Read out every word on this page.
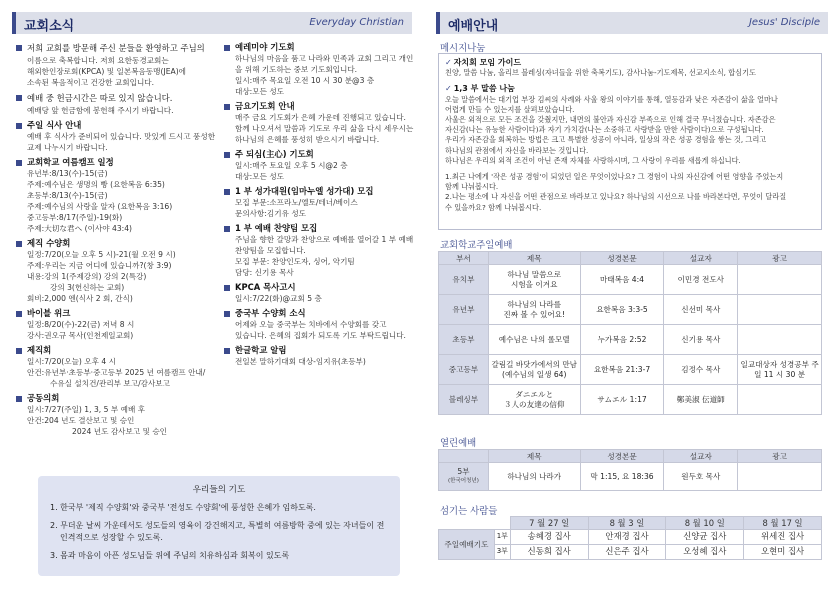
교회소식	Everyday Christian	예배안내	Jesus' Disciple
저희 교회를 방문해 주신 분들을 환영하고 주님의
이름으로 축복합니다. 저희 요한동경교회는
해외한인장로회(KPCA) 및 일본복음동맹(JEA)에
소속된 복음적이고 건강한 교회입니다.
예배 중 헌금시간은 따로 있지 않습니다.
예배당 앞 헌금함에 봉헌해 주시기 바랍니다.
주일 식사 안내
예배 후 식사가 준비되어 있습니다. 맛있게 드시고 풍성한
교제 나누시기 바랍니다.
교회학교 여름캠프 일정
유년부:8/13(수)-15(금)
주제:예수님은 생명의 빵 (요한복음 6:35)
초등부:8/13(수)-15(금)
주제:예수님의 사랑을 알자 (요한복음 3:16)
중고등부:8/17(주일)-19(화)
주제:大切な君へ (이사야 43:4)
제직 수양회
일정:7/20(오늘 오후 5 시)-21(월 오전 9 시)
주제:우리는 지금 어디에 있습니까?(창 3:9)
내용:강의 1(주제강의) 강의 2(특강)
강의 3(헌신하는 교회)
회비:2,000 엔(식사 2 회, 간식)
바이블 위크
일정:8/20(수)-22(금) 저녁 8 시
강사:권오규 목사(인천제일교회)
제직회
일시:7/20(오늘) 오후 4 시
안건:유년부·초등부·중고등부 2025 년 여름캠프 안내/
수유실 설치건/관리부 보고/감사보고
공동의회
일시:7/27(주일) 1, 3, 5 부 예배 후
안건:204 년도 결산보고 및 승인
2024 년도 감사보고 및 승인
예레미야 기도회
하나님의 마음을 품고 나라와 민족과 교회 그리고 개인
을 위해 기도하는 중보 기도회입니다.
일시:매주 목요일 오전 10 시 30 분@3 층
대상:모든 성도
금요기도회 안내
매주 금요 기도회가 은혜 가운데 진행되고 있습니다.
함께 나오셔서 말씀과 기도로 우리 삶을 다시 세우시는
하나님의 은혜를 풍성히 받으시기 바랍니다.
주 되심(主心) 기도회
일시:매주 토요일 오후 5 시@2 층
대상:모든 성도
1 부 성가대원(임마누엘 성가대) 모집
모집 부문:소프라노/엘토/테너/베이스
문의사항:김기유 성도
1 부 예배 찬양팀 모집
주님을 향한 갈망과 찬양으로 예배를 열어갈 1 부 예배
찬양팀을 모집합니다.
모집 부문: 찬양인도자, 싱어, 악기팀
담당: 신기용 목사
KPCA 목사고시
일시:7/22(화)@교회 5 층
중국부 수양회 소식
어제와 오늘 중국부는 치바에서 수양회를 갖고
있습니다. 은혜의 집회가 되도록 기도 부탁드립니다.
한글학교 알림
전일본 말하기대회 대상-임지유(초등부)
우리들의 기도
1. 한국부 '제직 수양회'와 중국부 '전성도 수양회'에 풍성한 은혜가 임하도록.
2. 무더운 날씨 가운데서도 성도들의 영육이 강건해지고, 특별히 여름방학 중에 있는 자녀들이 전인격적으로 성장할 수 있도록.
3. 몸과 마음이 아픈 성도님들 위에 주님의 치유하심과 회복이 있도록
메시지나눔
✓ 자치회 모임 가이드

친양, 말씀 나눔, 올리브 블레싱(자녀들을 위한 축복기도), 감사나눔-기도제목, 선교지소식, 합심기도

✓ 1,3 부 말씀 나눔

오늘 말씀에서는 대기업 부장 김씨의 사례와 사울 왕의 이야기를 통해, 열등감과 낮은 자존감이 삶을 얼마나

어렵게 만들 수 있는지를 살펴보았습니다.

사울은 외적으로 모든 조건을 갖췄지만, 내면의 불안과 자신감 부족으로 인해 결국 무너졌습니다. 자존감은

자신감(나는 유능한 사람이다)과 자기 가치감(나는 소중하고 사랑받을 만한 사람이다)으로 구성됩니다.

우리가 자존감을 회복하는 방법은 크고 특별한 성공이 아니라, 일상의 작은 성공 경험을 쌓는 것, 그리고

하나님의 관점에서 자신을 바라보는 것입니다.

하나님은 우리의 외적 조건이 아닌 존재 자체를 사랑하시며, 그 사랑이 우리를 새롭게 하십니다.

1.최근 나에게 '작은 성공 경험'이 되었던 일은 무엇이었나요? 그 경험이 나의 자신감에 어떤 영향을 주었는지

함께 나눠봅시다.

2.나는 평소에 나 자신을 어떤 관점으로 바라보고 있나요? 하나님의 시선으로 나를 바라본다면, 무엇이 달라질

수 있을까요? 함께 나눠봅시다.

교회학교주일예배
부서	제목	성경본문	설교자	광고
유치부	하나님 말씀으로
시험을 이겨요	마태복음 4:4	이민경 전도사	
유년부	하나님의 나라를
진짜 볼 수 있어요!	요한복음 3:3-5	신선미 목사	
초등부	예수님은 나의 롤모델	누가복음 2:52	신기용 목사	
중고등부	갈림길 바닷가에서의 만남
(예수님의 일생 64)	요한복음 21:3-7	김정수 목사	일교대상자 성경공부 주일 11 시 30 분
블레싱부	ダニエルと
３人の友達の信仰	サムエル 1:17	鄭美淑 伝道師	
열린예배
	제목	성경본문	설교자	광고

5부
(한국어청년)	하나님의 나라가	막 1:15, 요 18:36	원두호 목사	
섬기는 사람들
		7 월 27 일	8 월 3 일	8 월 10 일	8 월 17 일
주일예배기도	1부	송혜경 집사	안재경 집사	신양균 집사	위세진 집사
	3부	신동희 집사	신은주 집사	오성혜 집사	오현미 집사
